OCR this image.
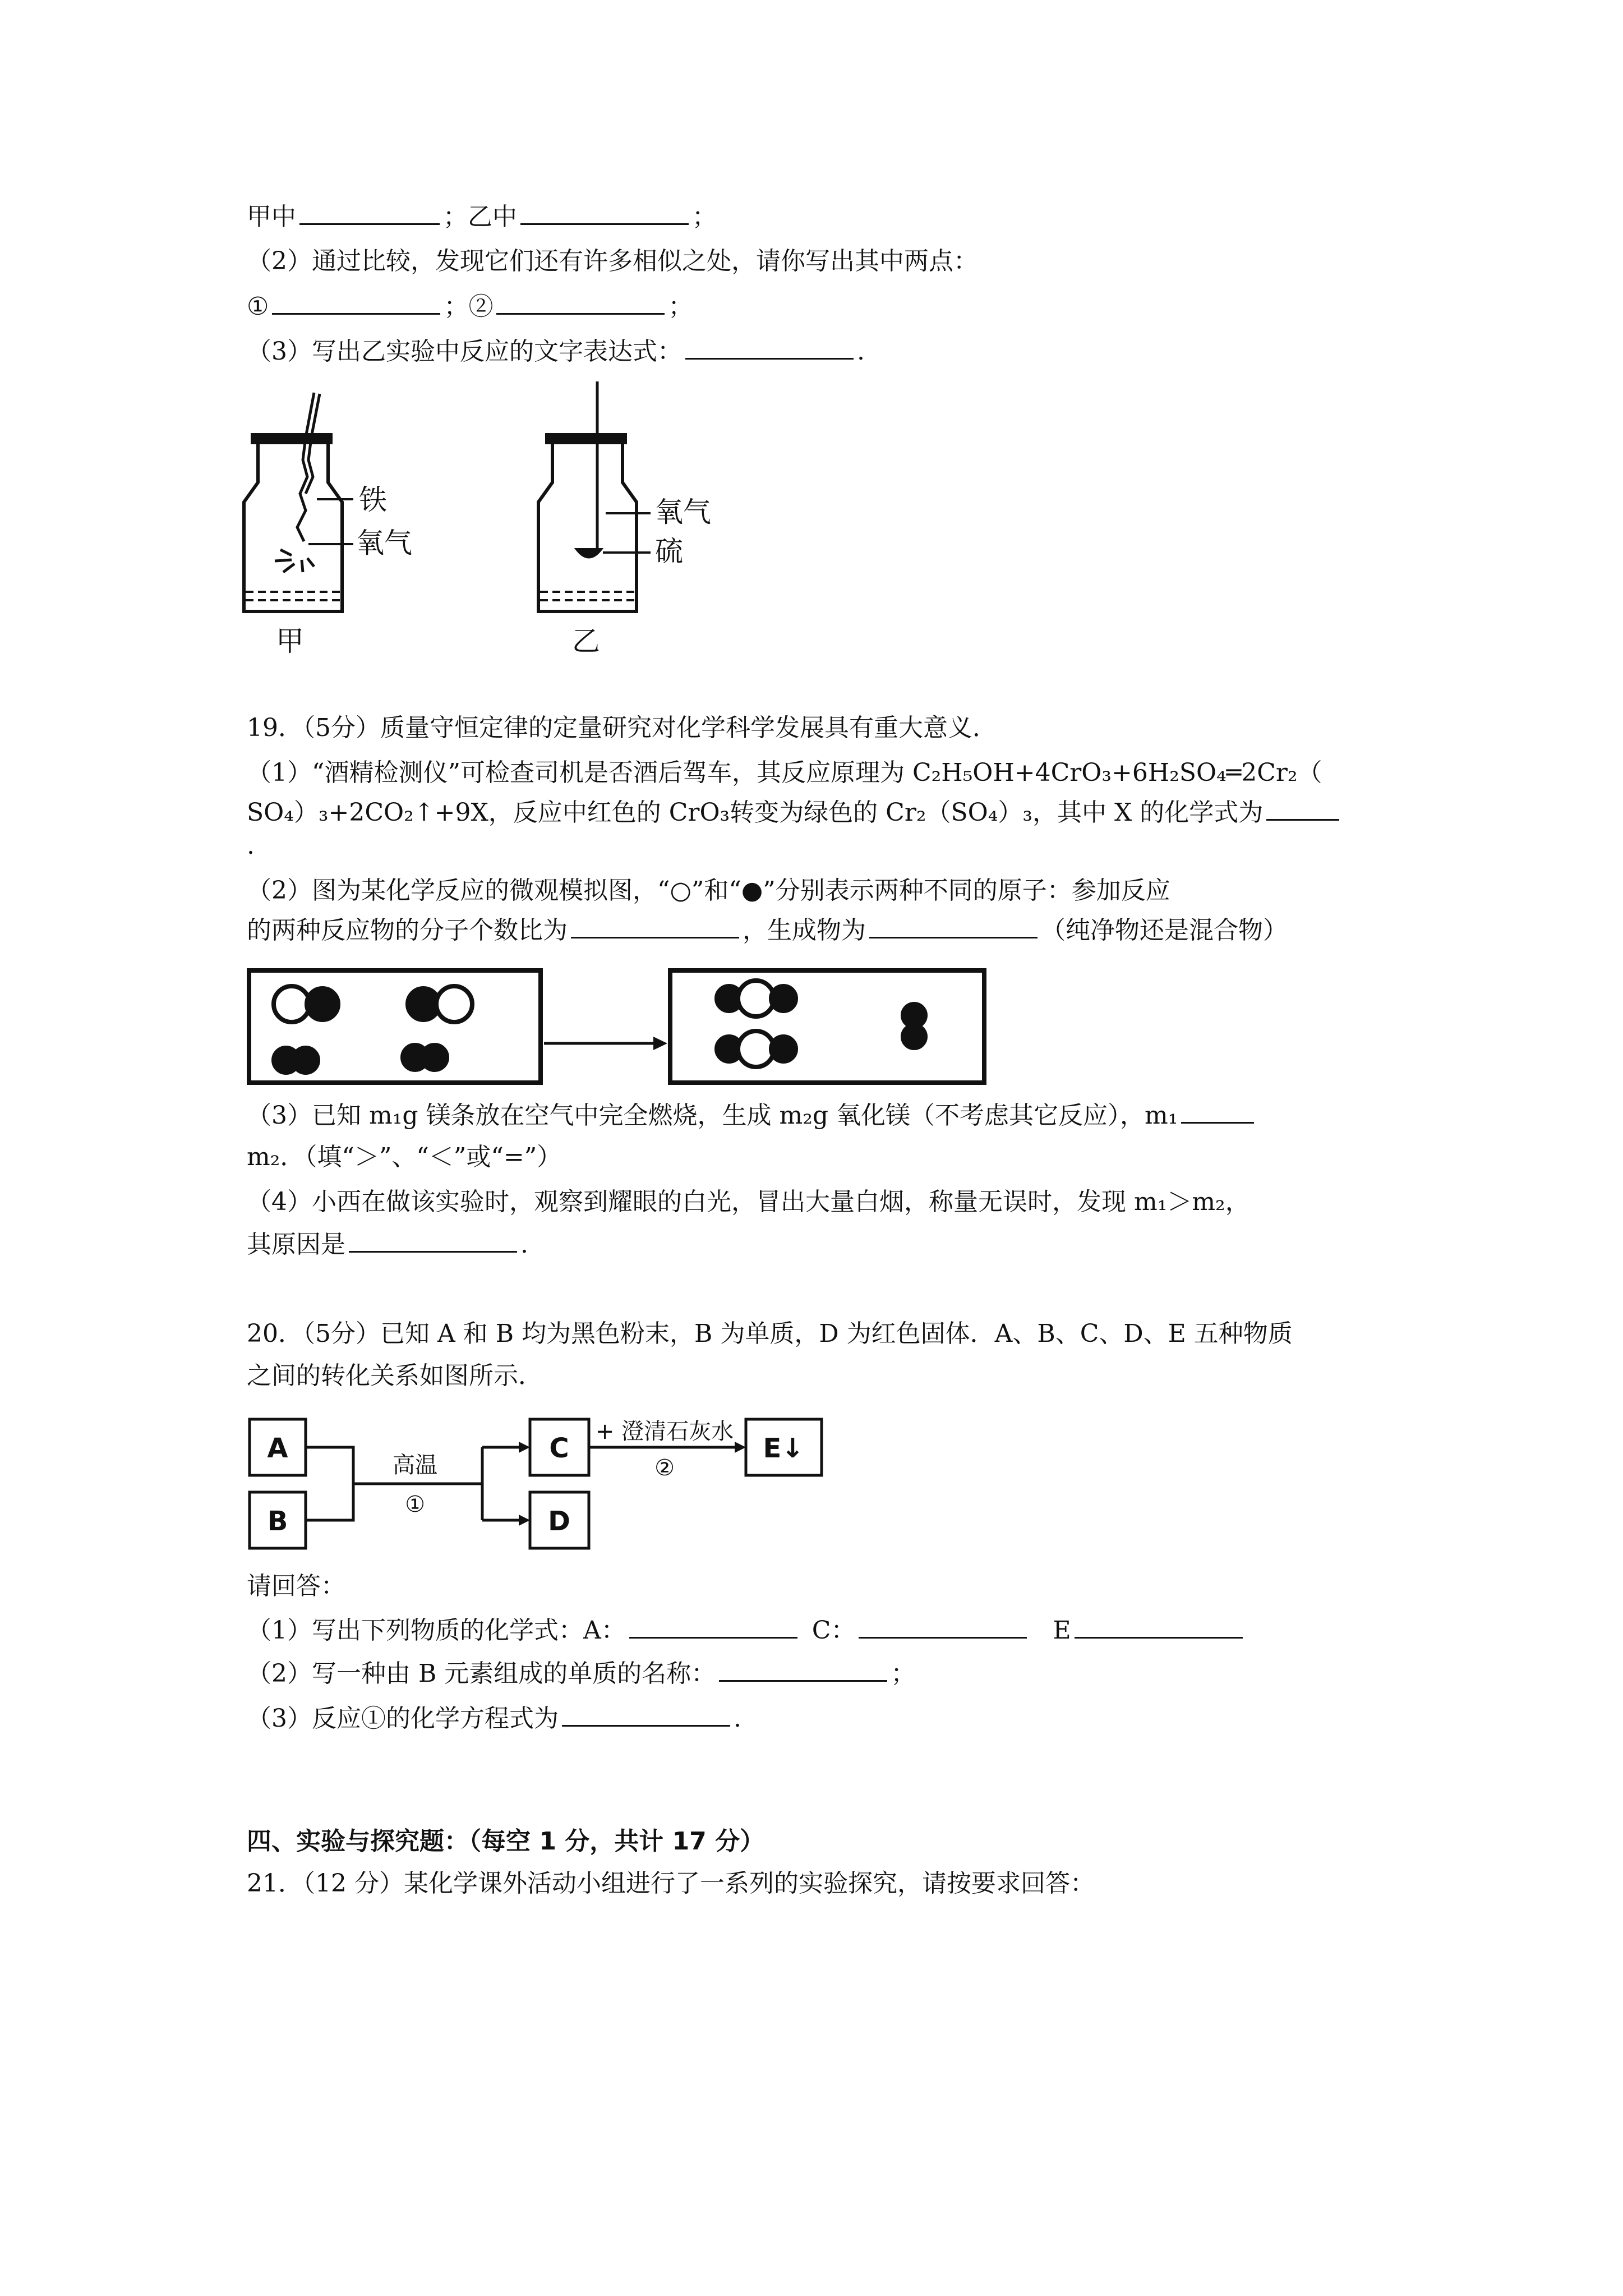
甲中	；乙中	；
（2）通过比较，发现它们还有许多相似之处，请你写出其中两点：
①	；②	；
（3）写出乙实验中反应的文字表达式：	.
铁
氧气
甲
氧气
硫
乙
19．（5分）质量守恒定律的定量研究对化学科学发展具有重大意义．
（1）“酒精检测仪”可检查司机是否酒后驾车，其反应原理为 C₂H₅OH+4CrO₃+6H₂SO₄═2Cr₂（
SO₄）₃+2CO₂↑+9X，反应中红色的 CrO₃转变为绿色的 Cr₂（SO₄）₃，其中 X 的化学式为
.
（2）图为某化学反应的微观模拟图，“○”和“●”分别表示两种不同的原子：参加反应
的两种反应物的分子个数比为	，生成物为	（纯净物还是混合物）
（3）已知 m₁g 镁条放在空气中完全燃烧，生成 m₂g 氧化镁（不考虑其它反应），m₁
m₂．（填“＞”、“＜”或“=”）
（4）小西在做该实验时，观察到耀眼的白光，冒出大量白烟，称量无误时，发现 m₁＞m₂，
其原因是	.
20．（5分）已知 A 和 B 均为黑色粉末，B 为单质，D 为红色固体．A、B、C、D、E 五种物质
之间的转化关系如图所示．
A
B
C
D
E↓
高温
①
+ 澄清石灰水
②
请回答：
（1）写出下列物质的化学式：A：	C：	E
（2）写一种由 B 元素组成的单质的名称：	；
（3）反应①的化学方程式为	.
四、实验与探究题：（每空 1 分，共计 17 分）
21．（12 分）某化学课外活动小组进行了一系列的实验探究，请按要求回答：
